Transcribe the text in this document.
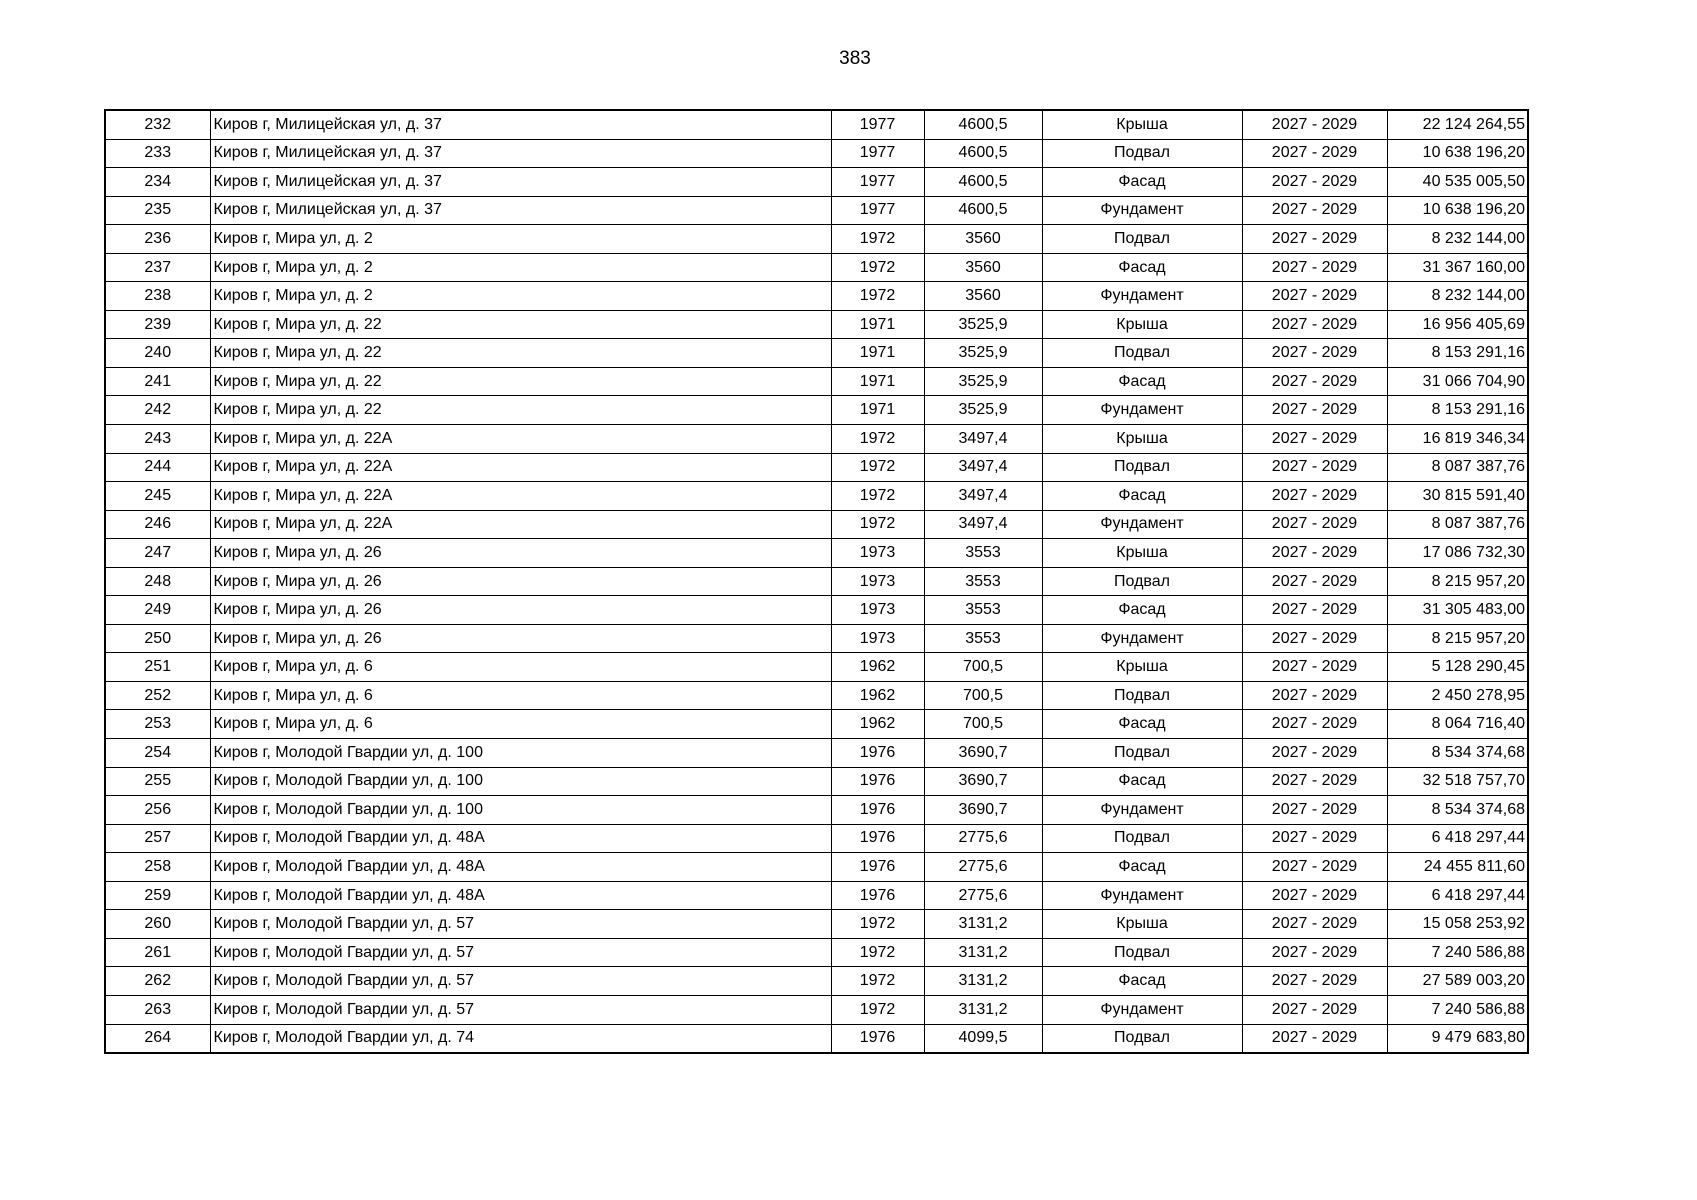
383
232	Киров г, Милицейская ул, д. 37	1977	4600,5	Крыша	2027 - 2029	22 124 264,55
233	Киров г, Милицейская ул, д. 37	1977	4600,5	Подвал	2027 - 2029	10 638 196,20
234	Киров г, Милицейская ул, д. 37	1977	4600,5	Фасад	2027 - 2029	40 535 005,50
235	Киров г, Милицейская ул, д. 37	1977	4600,5	Фундамент	2027 - 2029	10 638 196,20
236	Киров г, Мира ул, д. 2	1972	3560	Подвал	2027 - 2029	8 232 144,00
237	Киров г, Мира ул, д. 2	1972	3560	Фасад	2027 - 2029	31 367 160,00
238	Киров г, Мира ул, д. 2	1972	3560	Фундамент	2027 - 2029	8 232 144,00
239	Киров г, Мира ул, д. 22	1971	3525,9	Крыша	2027 - 2029	16 956 405,69
240	Киров г, Мира ул, д. 22	1971	3525,9	Подвал	2027 - 2029	8 153 291,16
241	Киров г, Мира ул, д. 22	1971	3525,9	Фасад	2027 - 2029	31 066 704,90
242	Киров г, Мира ул, д. 22	1971	3525,9	Фундамент	2027 - 2029	8 153 291,16
243	Киров г, Мира ул, д. 22А	1972	3497,4	Крыша	2027 - 2029	16 819 346,34
244	Киров г, Мира ул, д. 22А	1972	3497,4	Подвал	2027 - 2029	8 087 387,76
245	Киров г, Мира ул, д. 22А	1972	3497,4	Фасад	2027 - 2029	30 815 591,40
246	Киров г, Мира ул, д. 22А	1972	3497,4	Фундамент	2027 - 2029	8 087 387,76
247	Киров г, Мира ул, д. 26	1973	3553	Крыша	2027 - 2029	17 086 732,30
248	Киров г, Мира ул, д. 26	1973	3553	Подвал	2027 - 2029	8 215 957,20
249	Киров г, Мира ул, д. 26	1973	3553	Фасад	2027 - 2029	31 305 483,00
250	Киров г, Мира ул, д. 26	1973	3553	Фундамент	2027 - 2029	8 215 957,20
251	Киров г, Мира ул, д. 6	1962	700,5	Крыша	2027 - 2029	5 128 290,45
252	Киров г, Мира ул, д. 6	1962	700,5	Подвал	2027 - 2029	2 450 278,95
253	Киров г, Мира ул, д. 6	1962	700,5	Фасад	2027 - 2029	8 064 716,40
254	Киров г, Молодой Гвардии ул, д. 100	1976	3690,7	Подвал	2027 - 2029	8 534 374,68
255	Киров г, Молодой Гвардии ул, д. 100	1976	3690,7	Фасад	2027 - 2029	32 518 757,70
256	Киров г, Молодой Гвардии ул, д. 100	1976	3690,7	Фундамент	2027 - 2029	8 534 374,68
257	Киров г, Молодой Гвардии ул, д. 48А	1976	2775,6	Подвал	2027 - 2029	6 418 297,44
258	Киров г, Молодой Гвардии ул, д. 48А	1976	2775,6	Фасад	2027 - 2029	24 455 811,60
259	Киров г, Молодой Гвардии ул, д. 48А	1976	2775,6	Фундамент	2027 - 2029	6 418 297,44
260	Киров г, Молодой Гвардии ул, д. 57	1972	3131,2	Крыша	2027 - 2029	15 058 253,92
261	Киров г, Молодой Гвардии ул, д. 57	1972	3131,2	Подвал	2027 - 2029	7 240 586,88
262	Киров г, Молодой Гвардии ул, д. 57	1972	3131,2	Фасад	2027 - 2029	27 589 003,20
263	Киров г, Молодой Гвардии ул, д. 57	1972	3131,2	Фундамент	2027 - 2029	7 240 586,88
264	Киров г, Молодой Гвардии ул, д. 74	1976	4099,5	Подвал	2027 - 2029	9 479 683,80
